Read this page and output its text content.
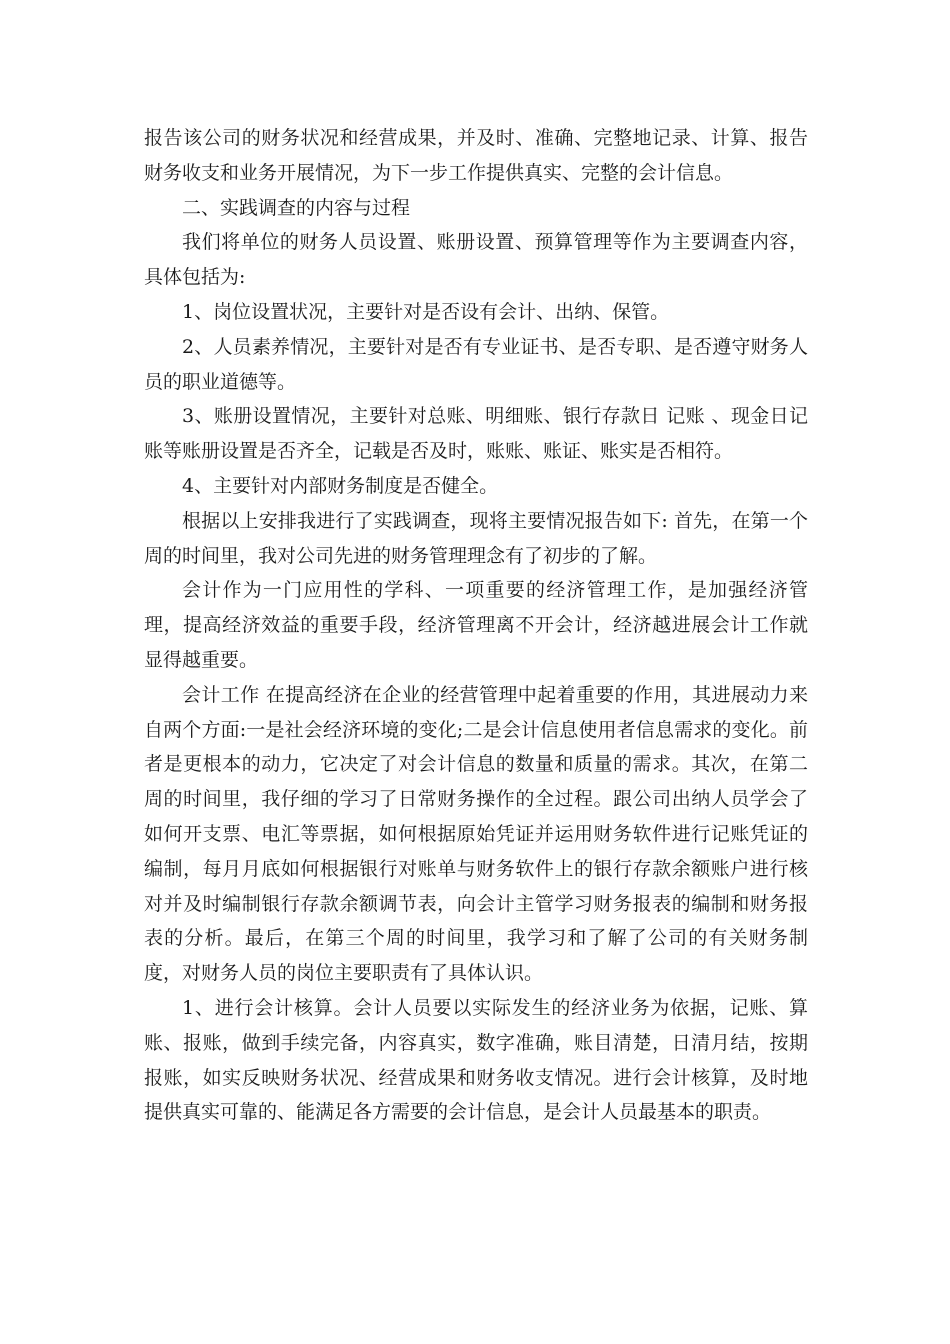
报告该公司的财务状况和经营成果，并及时、准确、完整地记录、计算、报告财务收支和业务开展情况，为下一步工作提供真实、完整的会计信息。

二、实践调查的内容与过程

我们将单位的财务人员设置、账册设置、预算管理等作为主要调查内容，具体包括为:

1、岗位设置状况，主要针对是否设有会计、出纳、保管。

2、人员素养情况，主要针对是否有专业证书、是否专职、是否遵守财务人员的职业道德等。

3、账册设置情况，主要针对总账、明细账、银行存款日 记账 、现金日记账等账册设置是否齐全，记载是否及时，账账、账证、账实是否相符。

4、主要针对内部财务制度是否健全。

根据以上安排我进行了实践调查，现将主要情况报告如下: 首先，在第一个周的时间里，我对公司先进的财务管理理念有了初步的了解。

会计作为一门应用性的学科、一项重要的经济管理工作，是加强经济管理，提高经济效益的重要手段，经济管理离不开会计，经济越进展会计工作就显得越重要。

会计工作 在提高经济在企业的经营管理中起着重要的作用，其进展动力来自两个方面:一是社会经济环境的变化;二是会计信息使用者信息需求的变化。前者是更根本的动力，它决定了对会计信息的数量和质量的需求。其次，在第二周的时间里，我仔细的学习了日常财务操作的全过程。跟公司出纳人员学会了如何开支票、电汇等票据，如何根据原始凭证并运用财务软件进行记账凭证的编制，每月月底如何根据银行对账单与财务软件上的银行存款余额账户进行核对并及时编制银行存款余额调节表，向会计主管学习财务报表的编制和财务报表的分析。最后，在第三个周的时间里，我学习和了解了公司的有关财务制度，对财务人员的岗位主要职责有了具体认识。

1、进行会计核算。会计人员要以实际发生的经济业务为依据，记账、算账、报账，做到手续完备，内容真实，数字准确，账目清楚，日清月结，按期报账，如实反映财务状况、经营成果和财务收支情况。进行会计核算，及时地提供真实可靠的、能满足各方需要的会计信息，是会计人员最基本的职责。
